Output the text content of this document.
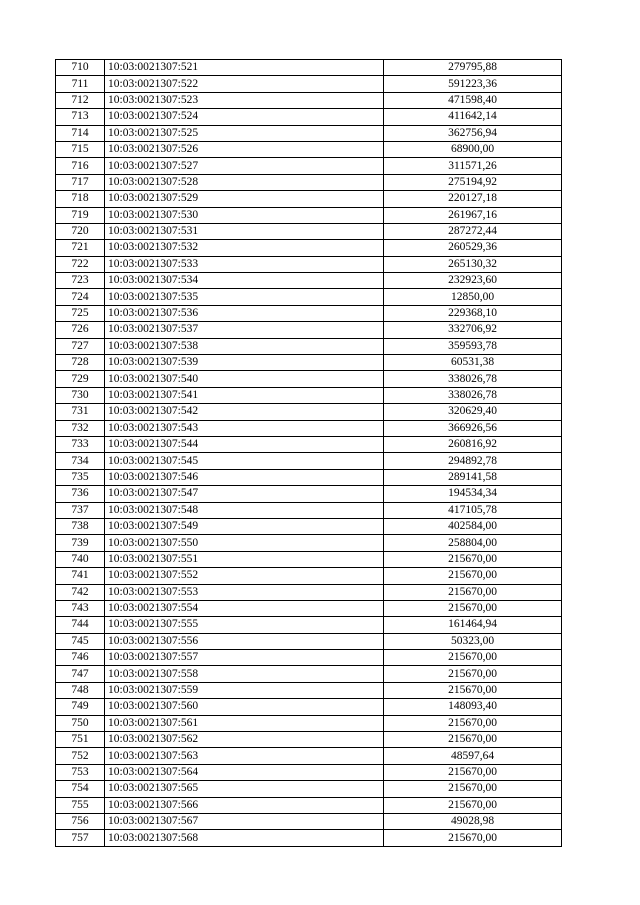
710	10:03:0021307:521	279795,88
711	10:03:0021307:522	591223,36
712	10:03:0021307:523	471598,40
713	10:03:0021307:524	411642,14
714	10:03:0021307:525	362756,94
715	10:03:0021307:526	68900,00
716	10:03:0021307:527	311571,26
717	10:03:0021307:528	275194,92
718	10:03:0021307:529	220127,18
719	10:03:0021307:530	261967,16
720	10:03:0021307:531	287272,44
721	10:03:0021307:532	260529,36
722	10:03:0021307:533	265130,32
723	10:03:0021307:534	232923,60
724	10:03:0021307:535	12850,00
725	10:03:0021307:536	229368,10
726	10:03:0021307:537	332706,92
727	10:03:0021307:538	359593,78
728	10:03:0021307:539	60531,38
729	10:03:0021307:540	338026,78
730	10:03:0021307:541	338026,78
731	10:03:0021307:542	320629,40
732	10:03:0021307:543	366926,56
733	10:03:0021307:544	260816,92
734	10:03:0021307:545	294892,78
735	10:03:0021307:546	289141,58
736	10:03:0021307:547	194534,34
737	10:03:0021307:548	417105,78
738	10:03:0021307:549	402584,00
739	10:03:0021307:550	258804,00
740	10:03:0021307:551	215670,00
741	10:03:0021307:552	215670,00
742	10:03:0021307:553	215670,00
743	10:03:0021307:554	215670,00
744	10:03:0021307:555	161464,94
745	10:03:0021307:556	50323,00
746	10:03:0021307:557	215670,00
747	10:03:0021307:558	215670,00
748	10:03:0021307:559	215670,00
749	10:03:0021307:560	148093,40
750	10:03:0021307:561	215670,00
751	10:03:0021307:562	215670,00
752	10:03:0021307:563	48597,64
753	10:03:0021307:564	215670,00
754	10:03:0021307:565	215670,00
755	10:03:0021307:566	215670,00
756	10:03:0021307:567	49028,98
757	10:03:0021307:568	215670,00
